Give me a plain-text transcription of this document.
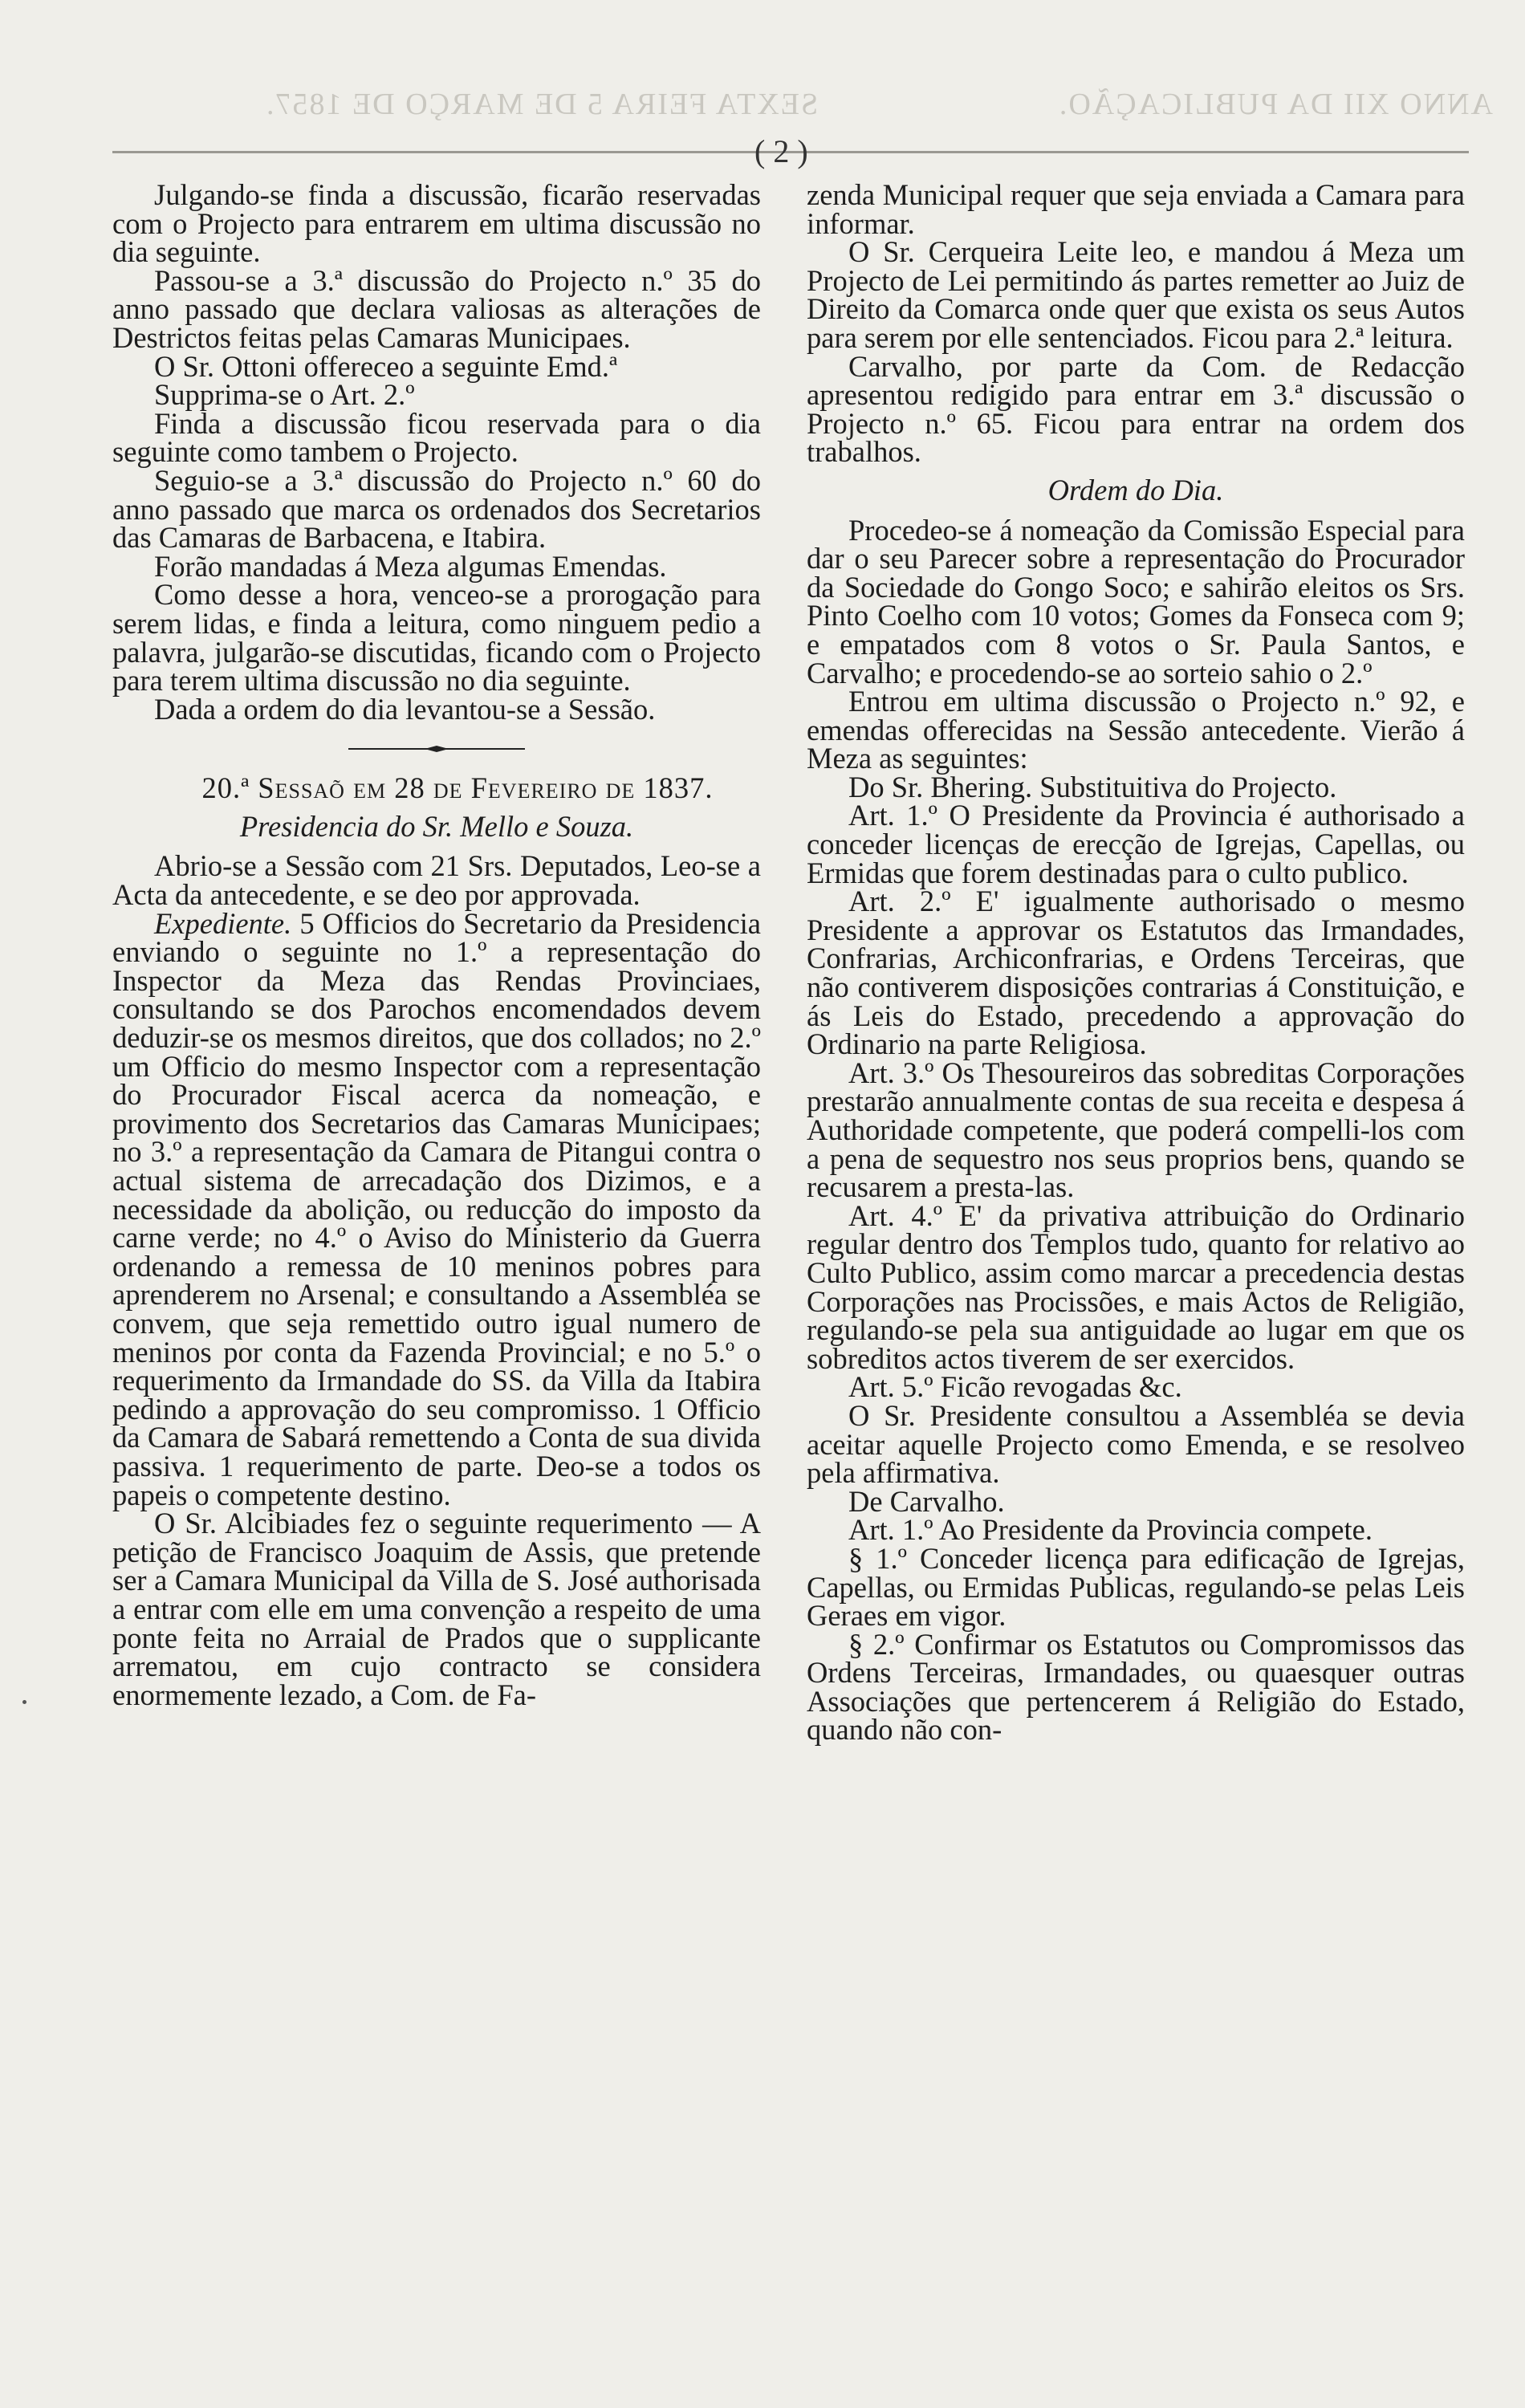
ANNO XII DA PUBLICAÇÃO.
SEXTA FEIRA 5 DE MARÇO DE 1857.
( 2 )

Julgando-se finda a discussão, ficarão reservadas com o Projecto para entrarem em ultima discussão no dia seguinte.

Passou-se a 3.ª discussão do Projecto n.º 35 do anno passado que declara valiosas as alterações de Destrictos feitas pelas Camaras Municipaes.

O Sr. Ottoni offereceo a seguinte Emd.ª

Supprima-se o Art. 2.º

Finda a discussão ficou reservada para o dia seguinte como tambem o Projecto.

Seguio-se a 3.ª discussão do Projecto n.º 60 do anno passado que marca os ordenados dos Secretarios das Camaras de Barbacena, e Itabira.

Forão mandadas á Meza algumas Emendas.

Como desse a hora, venceo-se a prorogação para serem lidas, e finda a leitura, como ninguem pedio a palavra, julgarão-se discutidas, ficando com o Projecto para terem ultima discussão no dia seguinte.

Dada a ordem do dia levantou-se a Sessão.

20.ª Sessaõ em 28 de Fevereiro de 1837.

Presidencia do Sr. Mello e Souza.

Abrio-se a Sessão com 21 Srs. Deputados, Leo-se a Acta da antecedente, e se deo por approvada.

Expediente. 5 Officios do Secretario da Presidencia enviando o seguinte no 1.º a representação do Inspector da Meza das Rendas Provinciaes, consultando se dos Parochos encomendados devem deduzir-se os mesmos direitos, que dos collados; no 2.º um Officio do mesmo Inspector com a representação do Procurador Fiscal acerca da nomeação, e provimento dos Secretarios das Camaras Municipaes; no 3.º a representação da Camara de Pitangui contra o actual sistema de arrecadação dos Dizimos, e a necessidade da abolição, ou reducção do imposto da carne verde; no 4.º o Aviso do Ministerio da Guerra ordenando a remessa de 10 meninos pobres para aprenderem no Arsenal; e consultando a Assembléa se convem, que seja remettido outro igual numero de meninos por conta da Fazenda Provincial; e no 5.º o requerimento da Irmandade do SS. da Villa da Itabira pedindo a approvação do seu compromisso. 1 Officio da Camara de Sabará remettendo a Conta de sua divida passiva. 1 requerimento de parte. Deo-se a todos os papeis o competente destino.

O Sr. Alcibiades fez o seguinte requerimento — A petição de Francisco Joaquim de Assis, que pretende ser a Camara Municipal da Villa de S. José authorisada a entrar com elle em uma convenção a respeito de uma ponte feita no Arraial de Prados que o supplicante arrematou, em cujo contracto se considera enormemente lezado, a Com. de Fa-

zenda Municipal requer que seja enviada a Camara para informar.

O Sr. Cerqueira Leite leo, e mandou á Meza um Projecto de Lei permitindo ás partes remetter ao Juiz de Direito da Comarca onde quer que exista os seus Autos para serem por elle sentenciados. Ficou para 2.ª leitura.

Carvalho, por parte da Com. de Redacção apresentou redigido para entrar em 3.ª discussão o Projecto n.º 65. Ficou para entrar na ordem dos trabalhos.

Ordem do Dia.

Procedeo-se á nomeação da Comissão Especial para dar o seu Parecer sobre a representação do Procurador da Sociedade do Gongo Soco; e sahirão eleitos os Srs. Pinto Coelho com 10 votos; Gomes da Fonseca com 9; e empatados com 8 votos o Sr. Paula Santos, e Carvalho; e procedendo-se ao sorteio sahio o 2.º

Entrou em ultima discussão o Projecto n.º 92, e emendas offerecidas na Sessão antecedente. Vierão á Meza as seguintes:

Do Sr. Bhering. Substituitiva do Projecto.

Art. 1.º O Presidente da Provincia é authorisado a conceder licenças de erecção de Igrejas, Capellas, ou Ermidas que forem destinadas para o culto publico.

Art. 2.º E' igualmente authorisado o mesmo Presidente a approvar os Estatutos das Irmandades, Confrarias, Archiconfrarias, e Ordens Terceiras, que não contiverem disposições contrarias á Constituição, e ás Leis do Estado, precedendo a approvação do Ordinario na parte Religiosa.

Art. 3.º Os Thesoureiros das sobreditas Corporações prestarão annualmente contas de sua receita e despesa á Authoridade competente, que poderá compelli-los com a pena de sequestro nos seus proprios bens, quando se recusarem a presta-las.

Art. 4.º E' da privativa attribuição do Ordinario regular dentro dos Templos tudo, quanto for relativo ao Culto Publico, assim como marcar a precedencia destas Corporações nas Procissões, e mais Actos de Religião, regulando-se pela sua antiguidade ao lugar em que os sobreditos actos tiverem de ser exercidos.

Art. 5.º Ficão revogadas &c.

O Sr. Presidente consultou a Assembléa se devia aceitar aquelle Projecto como Emenda, e se resolveo pela affirmativa.

De Carvalho.

Art. 1.º Ao Presidente da Provincia compete.

§ 1.º Conceder licença para edificação de Igrejas, Capellas, ou Ermidas Publicas, regulando-se pelas Leis Geraes em vigor.

§ 2.º Confirmar os Estatutos ou Compromissos das Ordens Terceiras, Irmandades, ou quaesquer outras Associações que pertencerem á Religião do Estado, quando não con-
